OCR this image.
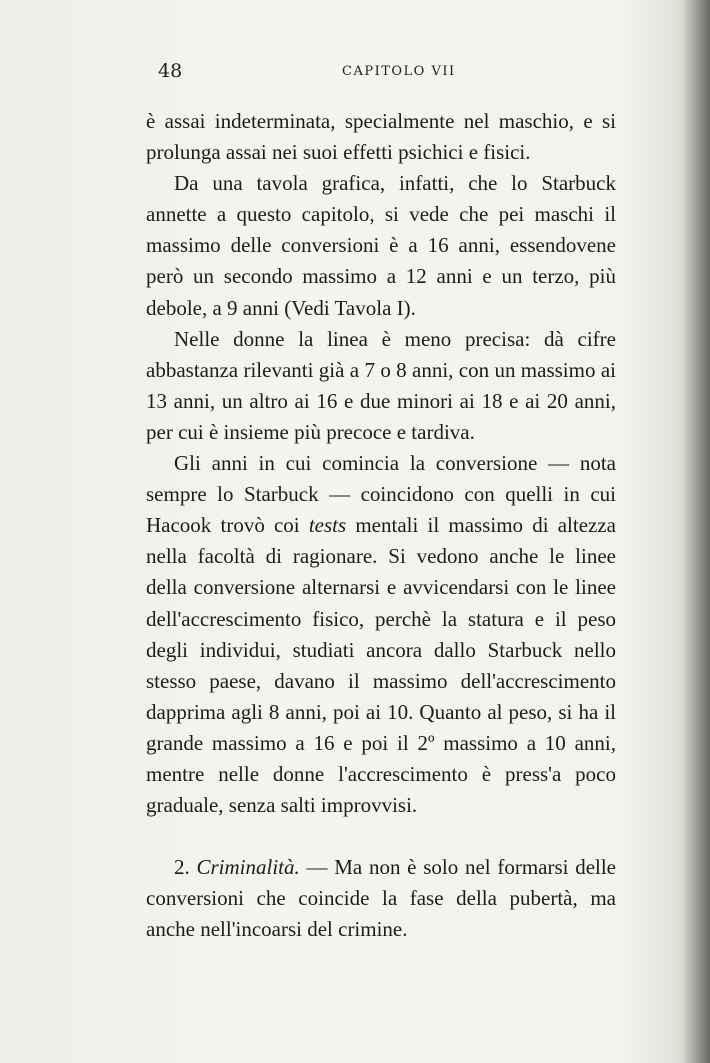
48	CAPITOLO VII

è assai indeterminata, specialmente nel maschio, e si prolunga assai nei suoi effetti psichici e fisici.

Da una tavola grafica, infatti, che lo Starbuck annette a questo capitolo, si vede che pei maschi il massimo delle conversioni è a 16 anni, essendovene però un secondo massimo a 12 anni e un terzo, più debole, a 9 anni (Vedi Tavola I).

Nelle donne la linea è meno precisa: dà cifre abbastanza rilevanti già a 7 o 8 anni, con un massimo ai 13 anni, un altro ai 16 e due minori ai 18 e ai 20 anni, per cui è insieme più precoce e tardiva.

Gli anni in cui comincia la conversione — nota sempre lo Starbuck — coincidono con quelli in cui Hacook trovò coi tests mentali il massimo di altezza nella facoltà di ragionare. Si vedono anche le linee della conversione alternarsi e avvicendarsi con le linee dell'accrescimento fisico, perchè la statura e il peso degli individui, studiati ancora dallo Starbuck nello stesso paese, davano il massimo dell'accrescimento dapprima agli 8 anni, poi ai 10. Quanto al peso, si ha il grande massimo a 16 e poi il 2º massimo a 10 anni, mentre nelle donne l'accrescimento è press'a poco graduale, senza salti improvvisi.

2. Criminalità. — Ma non è solo nel formarsi delle conversioni che coincide la fase della pubertà, ma anche nell'incoarsi del crimine.
